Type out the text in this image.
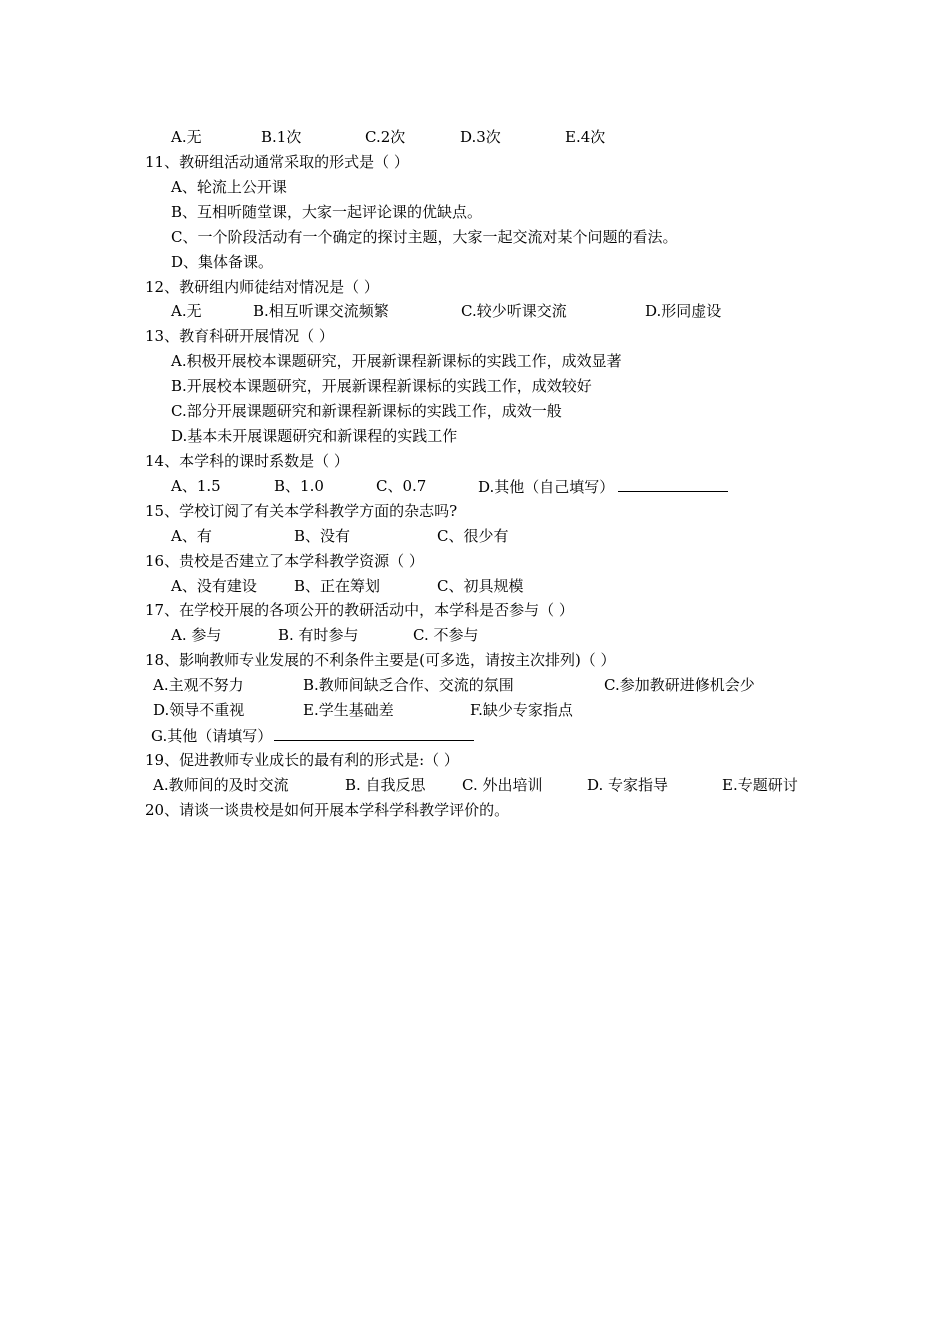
A.无	B.1次	C.2次	D.3次	E.4次
11、教研组活动通常采取的形式是（ ）
A、轮流上公开课
B、互相听随堂课，大家一起评论课的优缺点。
C、一个阶段活动有一个确定的探讨主题，大家一起交流对某个问题的看法。
D、集体备课。
12、教研组内师徒结对情况是（ ）
A.无	B.相互听课交流频繁	C.较少听课交流	D.形同虚设
13、教育科研开展情况（ ）
A.积极开展校本课题研究，开展新课程新课标的实践工作，成效显著
B.开展校本课题研究，开展新课程新课标的实践工作，成效较好
C.部分开展课题研究和新课程新课标的实践工作，成效一般
D.基本未开展课题研究和新课程的实践工作
14、本学科的课时系数是（ ）
A、1.5	B、1.0	C、0.7	D.其他（自己填写）
15、学校订阅了有关本学科教学方面的杂志吗?
A、有	B、没有	C、很少有
16、贵校是否建立了本学科教学资源（ ）
A、没有建设 B、正在筹划	C、初具规模
17、在学校开展的各项公开的教研活动中，本学科是否参与（ ）
A. 参与	B. 有时参与	C. 不参与
18、影响教师专业发展的不利条件主要是(可多选，请按主次排列)（ ）
A.主观不努力	B.教师间缺乏合作、交流的氛围	C.参加教研进修机会少
D.领导不重视	E.学生基础差	F.缺少专家指点
G.其他（请填写）
19、促进教师专业成长的最有利的形式是:（ ）
A.教师间的及时交流	B. 自我反思 C. 外出培训	D. 专家指导	E.专题研讨
20、请谈一谈贵校是如何开展本学科学科教学评价的。
